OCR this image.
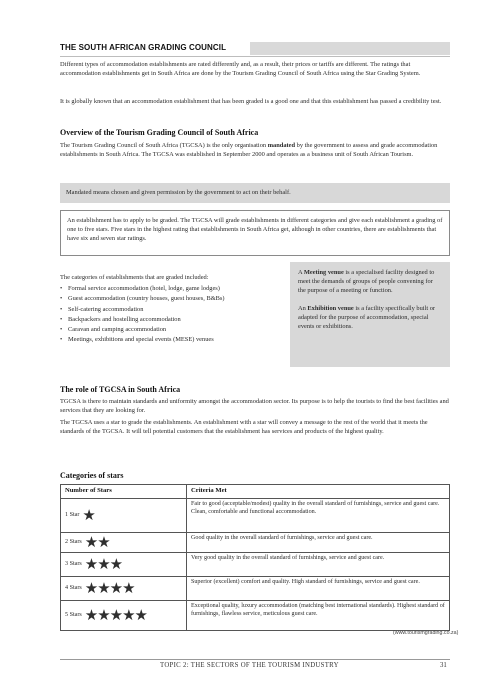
THE SOUTH AFRICAN GRADING COUNCIL
Different types of accommodation establishments are rated differently and, as a result, their prices or tariffs are different. The ratings that accommodation establishments get in South Africa are done by the Tourism Grading Council of South Africa using the Star Grading System.
It is globally known that an accommodation establishment that has been graded is a good one and that this establishment has passed a credibility test.
Overview of the Tourism Grading Council of South Africa
The Tourism Grading Council of South Africa (TGCSA) is the only organisation mandated by the government to assess and grade accommodation establishments in South Africa. The TGCSA was established in September 2000 and operates as a business unit of South African Tourism.
Mandated means chosen and given permission by the government to act on their behalf.
An establishment has to apply to be graded. The TGCSA will grade establishments in different categories and give each establishment a grading of one to five stars. Five stars in the highest rating that establishments in South Africa get, although in other countries, there are establishments that have six and seven star ratings.
The categories of establishments that are graded included:
• Formal service accommodation (hotel, lodge, game lodges)
• Guest accommodation (country houses, guest houses, B&Bs)
• Self-catering accommodation
• Backpackers and hostelling accommodation
• Caravan and camping accommodation
• Meetings, exhibitions and special events (MESE) venues

A Meeting venue is a specialised facility designed to meet the demands of groups of people convening for the purpose of a meeting or function.

An Exhibition venue is a facility specifically built or adapted for the purpose of accommodation, special events or exhibitions.

The role of TGCSA in South Africa
TGCSA is there to maintain standards and uniformity amongst the accommodation sector. Its purpose is to help the tourists to find the best facilities and services that they are looking for.
The TGCSA uses a star to grade the establishments. An establishment with a star will convey a message to the rest of the world that it meets the standards of the TGCSA. It will tell potential customers that the establishment has services and products of the highest quality.
Categories of stars
Number of Stars	Criteria Met
1 Star ★	Fair to good (acceptable/modest) quality in the overall standard of furnishings, service and guest care. Clean, comfortable and functional accommodation.
2 Stars ★★	Good quality in the overall standard of furnishings, service and guest care.
3 Stars ★★★	Very good quality in the overall standard of furnishings, service and guest care.
4 Stars ★★★★	Superior (excellent) comfort and quality. High standard of furnishings, service and guest care.
5 Stars ★★★★★	Exceptional quality, luxury accommodation (matching best international standards). Highest standard of furnishings, flawless service, meticulous guest care.
(www.tourismgrading.co.za)
TOPIC 2: THE SECTORS OF THE TOURISM INDUSTRY	31
